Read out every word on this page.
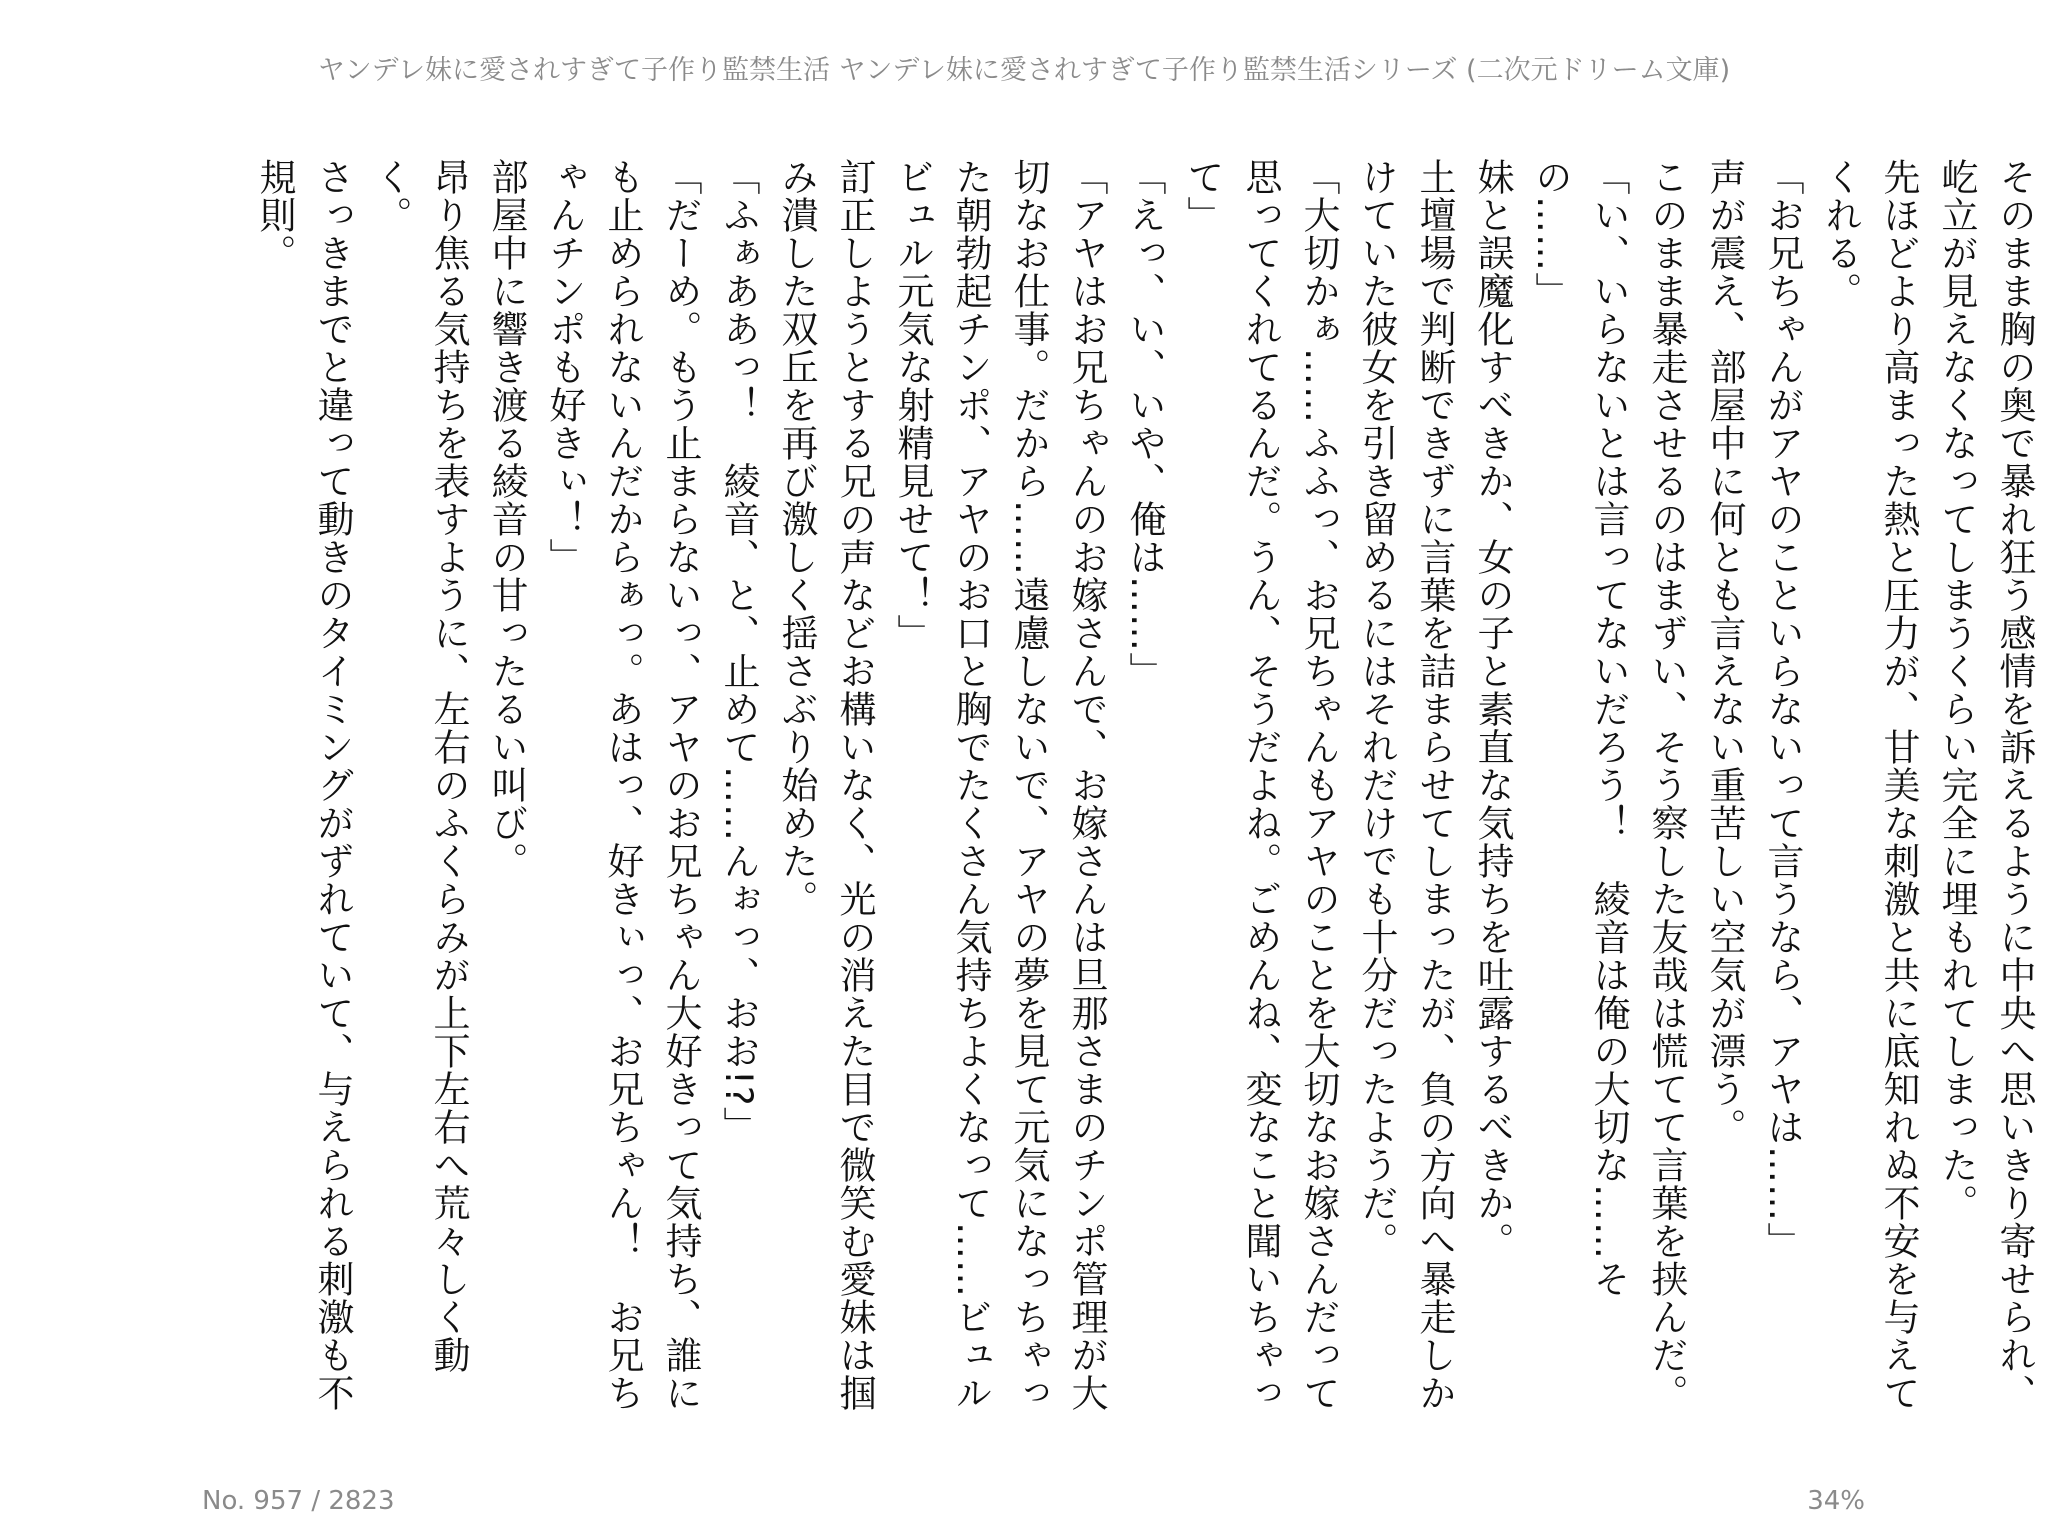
ヤンデレ妹に愛されすぎて子作り監禁生活 ヤンデレ妹に愛されすぎて子作り監禁生活シリーズ (二次元ドリーム文庫)

そのまま胸の奥で暴れ狂う感情を訴えるように中央へ思いきり寄せられ、屹立が見えなくなってしまうくらい完全に埋もれてしまった。

先ほどより高まった熱と圧力が、甘美な刺激と共に底知れぬ不安を与えてくれる。

「お兄ちゃんがアヤのこといらないって言うなら、アヤは……」

声が震え、部屋中に何とも言えない重苦しい空気が漂う。

このまま暴走させるのはまずい、そう察した友哉は慌てて言葉を挟んだ。

「い、いらないとは言ってないだろう！　綾音は俺の大切な……その……」

妹と誤魔化すべきか、女の子と素直な気持ちを吐露するべきか。

土壇場で判断できずに言葉を詰まらせてしまったが、負の方向へ暴走しかけていた彼女を引き留めるにはそれだけでも十分だったようだ。

「大切かぁ……ふふっ、お兄ちゃんもアヤのことを大切なお嫁さんだって思ってくれてるんだ。うん、そうだよね。ごめんね、変なこと聞いちゃって」

「えっ、い、いや、俺は……」

「アヤはお兄ちゃんのお嫁さんで、お嫁さんは旦那さまのチンポ管理が大切なお仕事。だから……遠慮しないで、アヤの夢を見て元気になっちゃった朝勃起チンポ、アヤのお口と胸でたくさん気持ちよくなって……ビュルビュル元気な射精見せて！」

訂正しようとする兄の声などお構いなく、光の消えた目で微笑む愛妹は掴み潰した双丘を再び激しく揺さぶり始めた。

「ふぁああっ！　綾音、と、止めて……んぉっ、おお!?」

「だーめ。もう止まらないっ、アヤのお兄ちゃん大好きって気持ち、誰にも止められないんだからぁっ。あはっ、好きぃっ、お兄ちゃん！　お兄ちゃんチンポも好きぃ！」

部屋中に響き渡る綾音の甘ったるい叫び。

昂り焦る気持ちを表すように、左右のふくらみが上下左右へ荒々しく動く。

さっきまでと違って動きのタイミングがずれていて、与えられる刺激も不規則。

No. 957 / 2823	34%
